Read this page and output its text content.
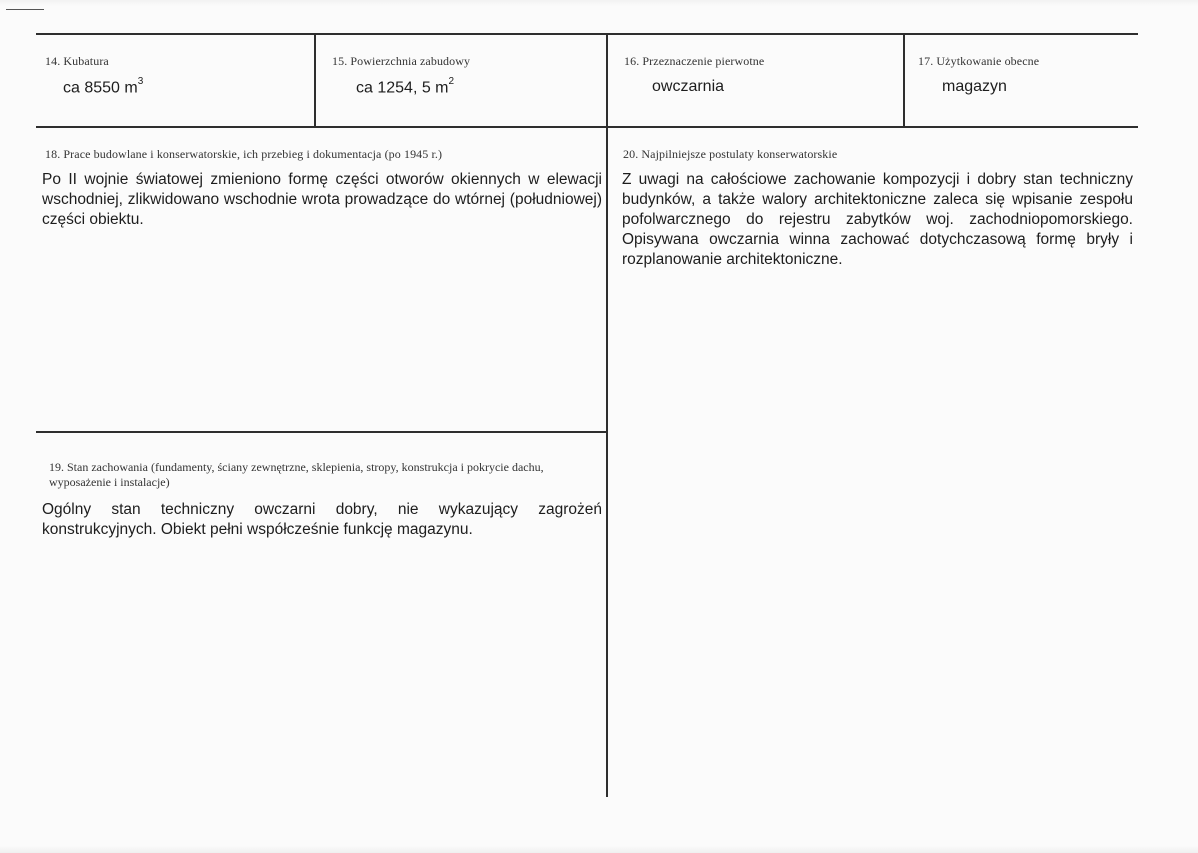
14. Kubatura
ca 8550 $m^3$
15. Powierzchnia zabudowy
ca 1254, 5 $m^2$
16. Przeznaczenie pierwotne
owczarnia
17. Użytkowanie obecne
magazyn
18. Prace budowlane i konserwatorskie, ich przebieg i dokumentacja (po 1945 r.)
Po II wojnie światowej zmieniono formę części otworów okiennych w elewacji wschodniej, zlikwidowano wschodnie wrota prowadzące do wtórnej (południowej) części obiektu.
19. Stan zachowania (fundamenty, ściany zewnętrzne, sklepienia, stropy, konstrukcja i pokrycie dachu, wyposażenie i instalacje)
Ogólny stan techniczny owczarni dobry, nie wykazujący zagrożeń konstrukcyjnych. Obiekt pełni współcześnie funkcję magazynu.
20. Najpilniejsze postulaty konserwatorskie
Z uwagi na całościowe zachowanie kompozycji i dobry stan techniczny budynków, a także walory architektoniczne zaleca się wpisanie zespołu pofolwarcznego do rejestru zabytków woj. zachodniopomorskiego. Opisywana owczarnia winna zachować dotychczasową formę bryły i rozplanowanie architektoniczne.
